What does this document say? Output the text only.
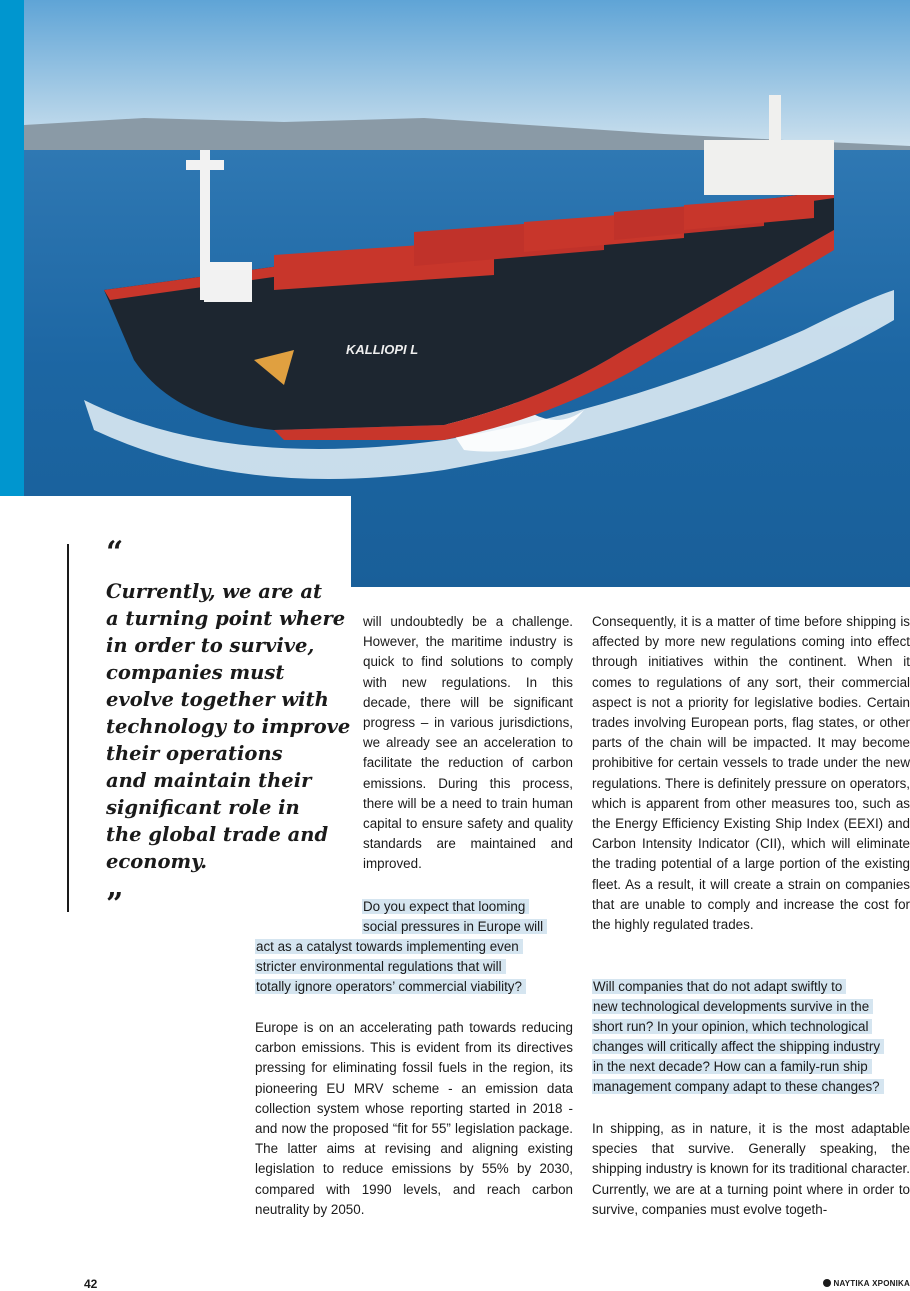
KALLIOPI L
“

Currently, we are at
a turning point where
in order to survive,
companies must
evolve together with
technology to improve
their operations
and maintain their
significant role in
the global trade and
economy.

”

will undoubtedly be a challenge. However, the maritime industry is quick to find solutions to comply with new regulations. In this decade, there will be significant progress – in various jurisdictions, we already see an acceleration to facilitate the reduction of carbon emissions. During this process, there will be a need to train human capital to ensure safety and quality standards are maintained and improved.

Do you expect that looming
social pressures in Europe will
act as a catalyst towards implementing even
stricter environmental regulations that will
totally ignore operators’ commercial viability?

Europe is on an accelerating path towards reducing carbon emissions. This is evident from its directives pressing for eliminating fossil fuels in the region, its pioneering EU MRV scheme - an emission data collection system whose reporting started in 2018 - and now the proposed “fit for 55” legislation package. The latter aims at revising and aligning existing legislation to reduce emissions by 55% by 2030, compared with 1990 levels, and reach carbon neutrality by 2050.

Consequently, it is a matter of time before shipping is affected by more new regulations coming into effect through initiatives within the continent. When it comes to regulations of any sort, their commercial aspect is not a priority for legislative bodies. Certain trades involving European ports, flag states, or other parts of the chain will be impacted. It may become prohibitive for certain vessels to trade under the new regulations. There is definitely pressure on operators, which is apparent from other measures too, such as the Energy Efficiency Existing Ship Index (EEXI) and Carbon Intensity Indicator (CII), which will eliminate the trading potential of a large portion of the existing fleet. As a result, it will create a strain on companies that are unable to comply and increase the cost for the highly regulated trades.

Will companies that do not adapt swiftly to
new technological developments survive in the
short run? In your opinion, which technological
changes will critically affect the shipping industry
in the next decade? How can a family-run ship
management company adapt to these changes?

In shipping, as in nature, it is the most adaptable species that survive. Generally speaking, the shipping industry is known for its traditional character. Currently, we are at a turning point where in order to survive, companies must evolve togeth-

42	ΝΑΥΤΙΚΑ ΧΡΟΝΙΚΑ
